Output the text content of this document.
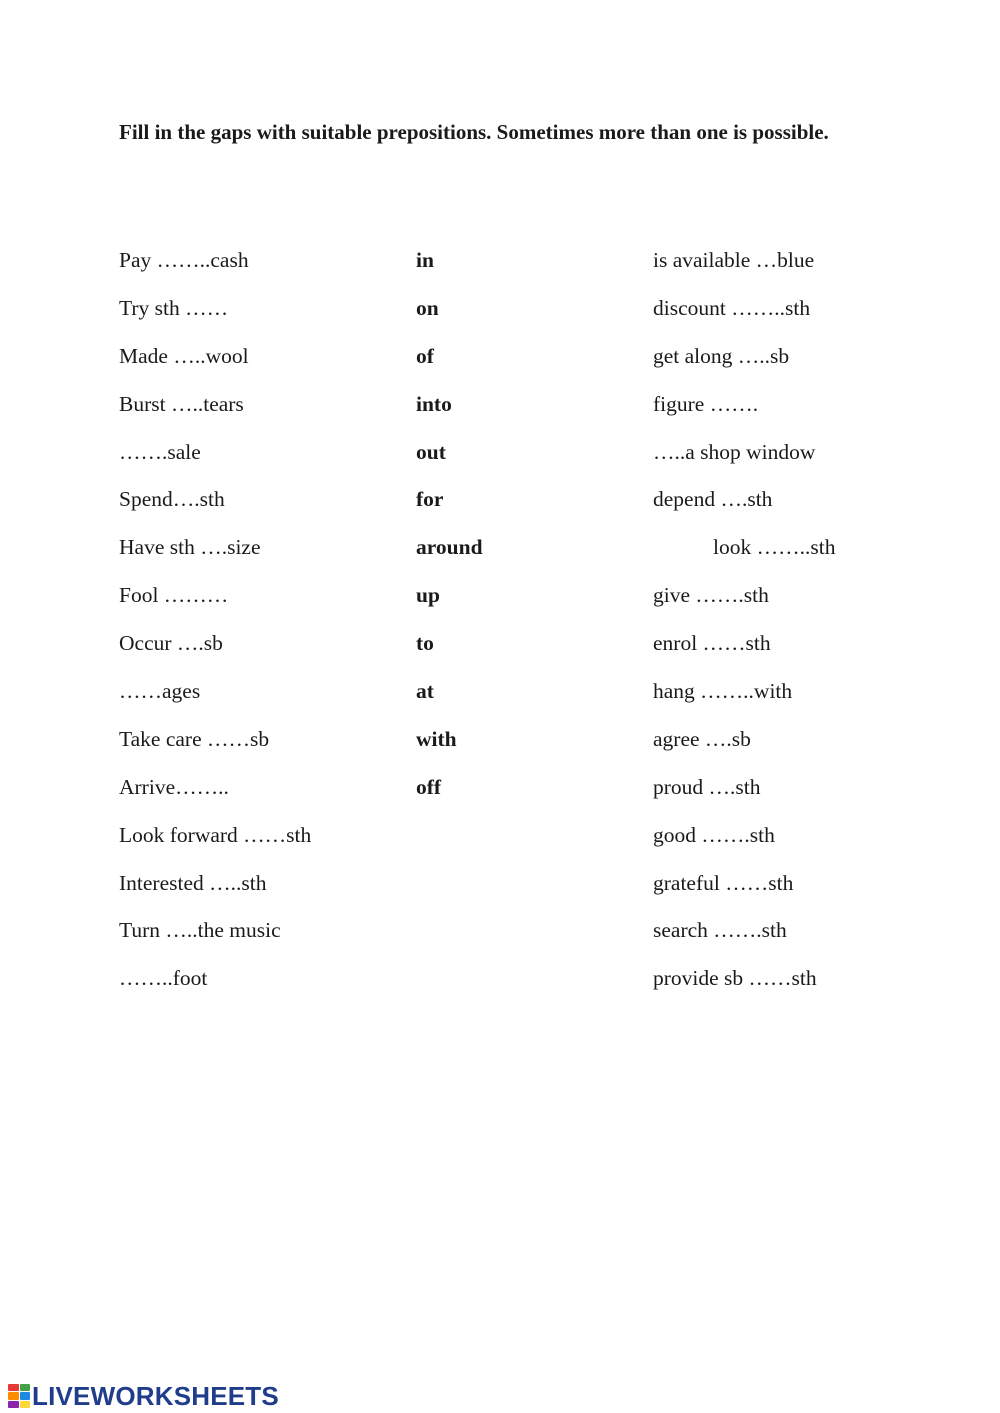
Fill in the gaps with suitable prepositions. Sometimes more than one is possible.

Pay ……..cash
Try sth ……
Made …..wool
Burst …..tears
…….sale
Spend….sth
Have sth ….size
Fool ………
Occur ….sb
……ages
Take care ……sb
Arrive……..
Look forward ……sth
Interested …..sth
Turn …..the music
……..foot
in
on
of
into
out
for
around
up
to
at
with
off
is available …blue
discount ……..sth
get along …..sb
figure …….
…..a shop window
depend ….sth
look ……..sth
give …….sth
enrol ……sth
hang ……..with
agree ….sb
proud ….sth
good …….sth
grateful ……sth
search …….sth
provide sb ……sth
LIVEWORKSHEETS
